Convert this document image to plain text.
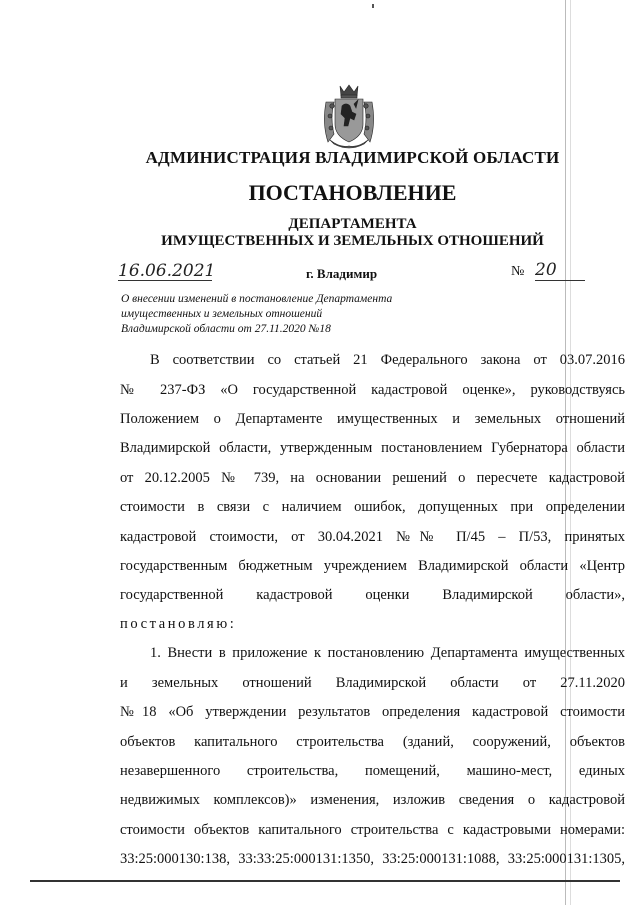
АДМИНИСТРАЦИЯ ВЛАДИМИРСКОЙ ОБЛАСТИ
ПОСТАНОВЛЕНИЕ
ДЕПАРТАМЕНТА
ИМУЩЕСТВЕННЫХ И ЗЕМЕЛЬНЫХ ОТНОШЕНИЙ
16.06.2021	г. Владимир	№ 20
О внесении изменений в постановление Департамента
имущественных и земельных отношений
Владимирской области от 27.11.2020 №18
В соответствии со статьей 21 Федерального закона от 03.07.2016
№ 237-ФЗ «О государственной кадастровой оценке», руководствуясь
Положением о Департаменте имущественных и земельных отношений
Владимирской области, утвержденным постановлением Губернатора области
от 20.12.2005 № 739, на основании решений о пересчете кадастровой
стоимости в связи с наличием ошибок, допущенных при определении
кадастровой стоимости, от 30.04.2021 №№ П/45 – П/53, принятых
государственным бюджетным учреждением Владимирской области «Центр
государственной кадастровой оценки Владимирской области»,
постановляю:
1. Внести в приложение к постановлению Департамента имущественных
и земельных отношений Владимирской области от 27.11.2020
№18 «Об утверждении результатов определения кадастровой стоимости
объектов капитального строительства (зданий, сооружений, объектов
незавершенного строительства, помещений, машино-мест, единых
недвижимых комплексов)» изменения, изложив сведения о кадастровой
стоимости объектов капитального строительства с кадастровыми номерами:
33:25:000130:138, 33:33:25:000131:1350, 33:25:000131:1088, 33:25:000131:1305,
